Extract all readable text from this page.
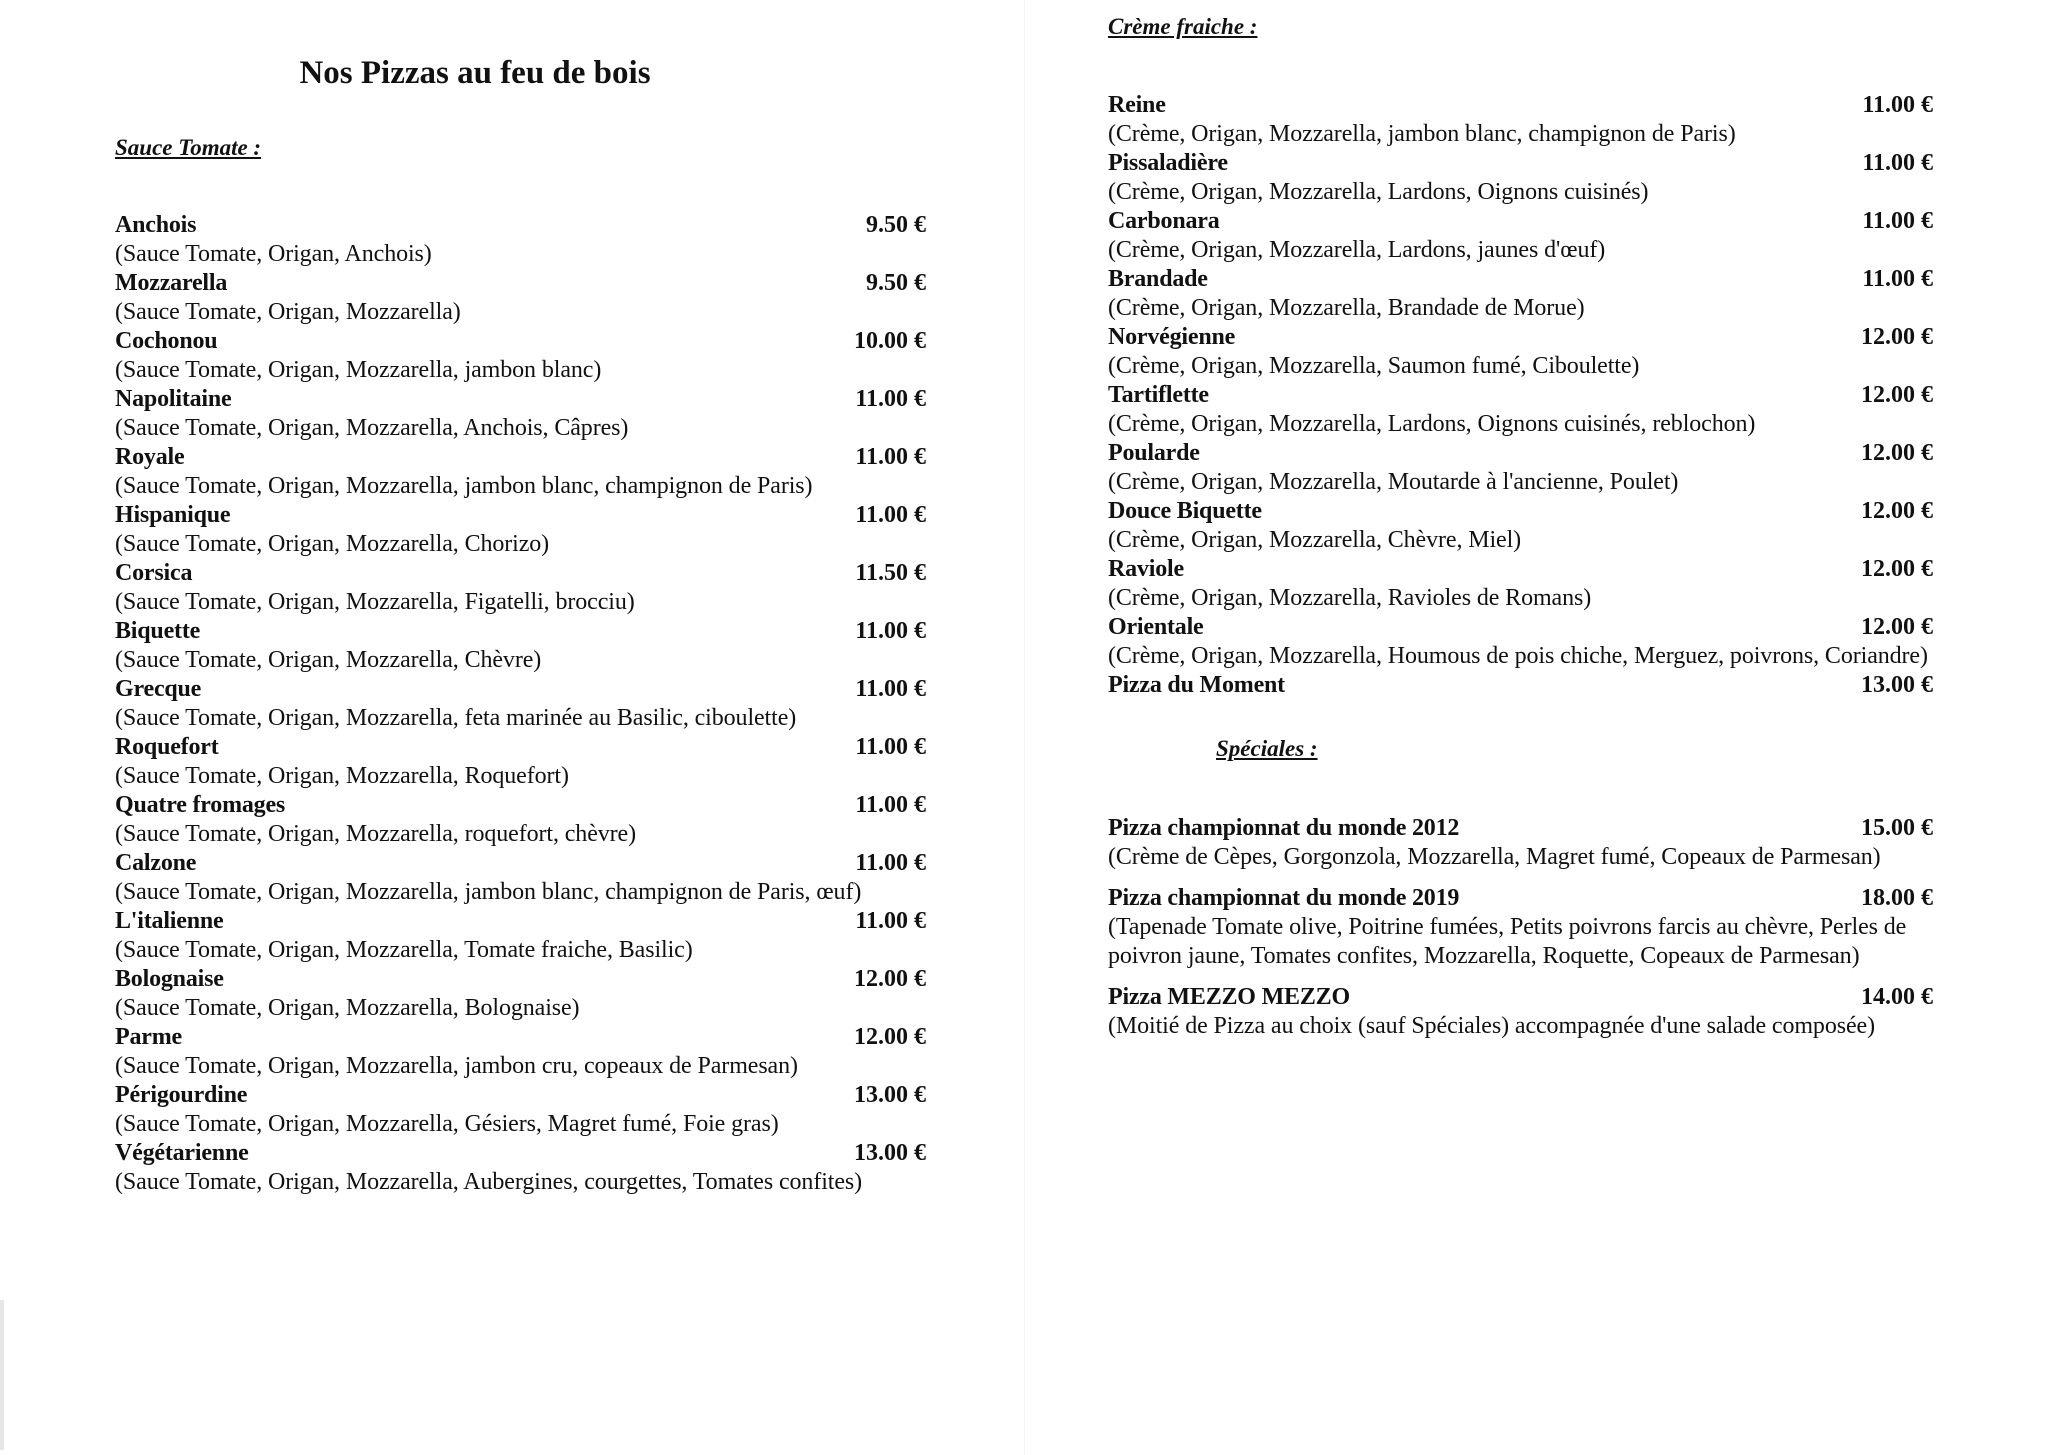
Nos Pizzas au feu de bois
Sauce Tomate :
Anchois	9.50 €
(Sauce Tomate, Origan, Anchois)
Mozzarella	9.50 €
(Sauce Tomate, Origan, Mozzarella)
Cochonou	10.00 €
(Sauce Tomate, Origan, Mozzarella, jambon blanc)
Napolitaine	11.00 €
(Sauce Tomate, Origan, Mozzarella, Anchois, Câpres)
Royale	11.00 €
(Sauce Tomate, Origan, Mozzarella, jambon blanc, champignon de Paris)
Hispanique	11.00 €
(Sauce Tomate, Origan, Mozzarella, Chorizo)
Corsica	11.50 €
(Sauce Tomate, Origan, Mozzarella, Figatelli, brocciu)
Biquette	11.00 €
(Sauce Tomate, Origan, Mozzarella, Chèvre)
Grecque	11.00 €
(Sauce Tomate, Origan, Mozzarella, feta marinée au Basilic, ciboulette)
Roquefort	11.00 €
(Sauce Tomate, Origan, Mozzarella, Roquefort)
Quatre fromages	11.00 €
(Sauce Tomate, Origan, Mozzarella, roquefort, chèvre)
Calzone	11.00 €
(Sauce Tomate, Origan, Mozzarella, jambon blanc, champignon de Paris, œuf)
L'italienne	11.00 €
(Sauce Tomate, Origan, Mozzarella, Tomate fraiche, Basilic)
Bolognaise	12.00 €
(Sauce Tomate, Origan, Mozzarella, Bolognaise)
Parme	12.00 €
(Sauce Tomate, Origan, Mozzarella, jambon cru, copeaux de Parmesan)
Périgourdine	13.00 €
(Sauce Tomate, Origan, Mozzarella, Gésiers, Magret fumé, Foie gras)
Végétarienne	13.00 €
(Sauce Tomate, Origan, Mozzarella, Aubergines, courgettes, Tomates confites)
Crème fraiche :
Reine	11.00 €
(Crème, Origan, Mozzarella, jambon blanc, champignon de Paris)
Pissaladière	11.00 €
(Crème, Origan, Mozzarella, Lardons, Oignons cuisinés)
Carbonara	11.00 €
(Crème, Origan, Mozzarella, Lardons, jaunes d'œuf)
Brandade	11.00 €
(Crème, Origan, Mozzarella, Brandade de Morue)
Norvégienne	12.00 €
(Crème, Origan, Mozzarella, Saumon fumé, Ciboulette)
Tartiflette	12.00 €
(Crème, Origan, Mozzarella, Lardons, Oignons cuisinés, reblochon)
Poularde	12.00 €
(Crème, Origan, Mozzarella, Moutarde à l'ancienne, Poulet)
Douce Biquette	12.00 €
(Crème, Origan, Mozzarella, Chèvre, Miel)
Raviole	12.00 €
(Crème, Origan, Mozzarella, Ravioles de Romans)
Orientale	12.00 €
(Crème, Origan, Mozzarella, Houmous de pois chiche, Merguez, poivrons, Coriandre)
Pizza du Moment	13.00 €
Spéciales :
Pizza championnat du monde 2012	15.00 €
(Crème de Cèpes, Gorgonzola, Mozzarella, Magret fumé, Copeaux de Parmesan)
Pizza championnat du monde 2019	18.00 €
(Tapenade Tomate olive, Poitrine fumées, Petits poivrons farcis au chèvre, Perles de poivron jaune, Tomates confites, Mozzarella, Roquette, Copeaux de Parmesan)
Pizza MEZZO MEZZO	14.00 €
(Moitié de Pizza au choix (sauf Spéciales) accompagnée d'une salade composée)
